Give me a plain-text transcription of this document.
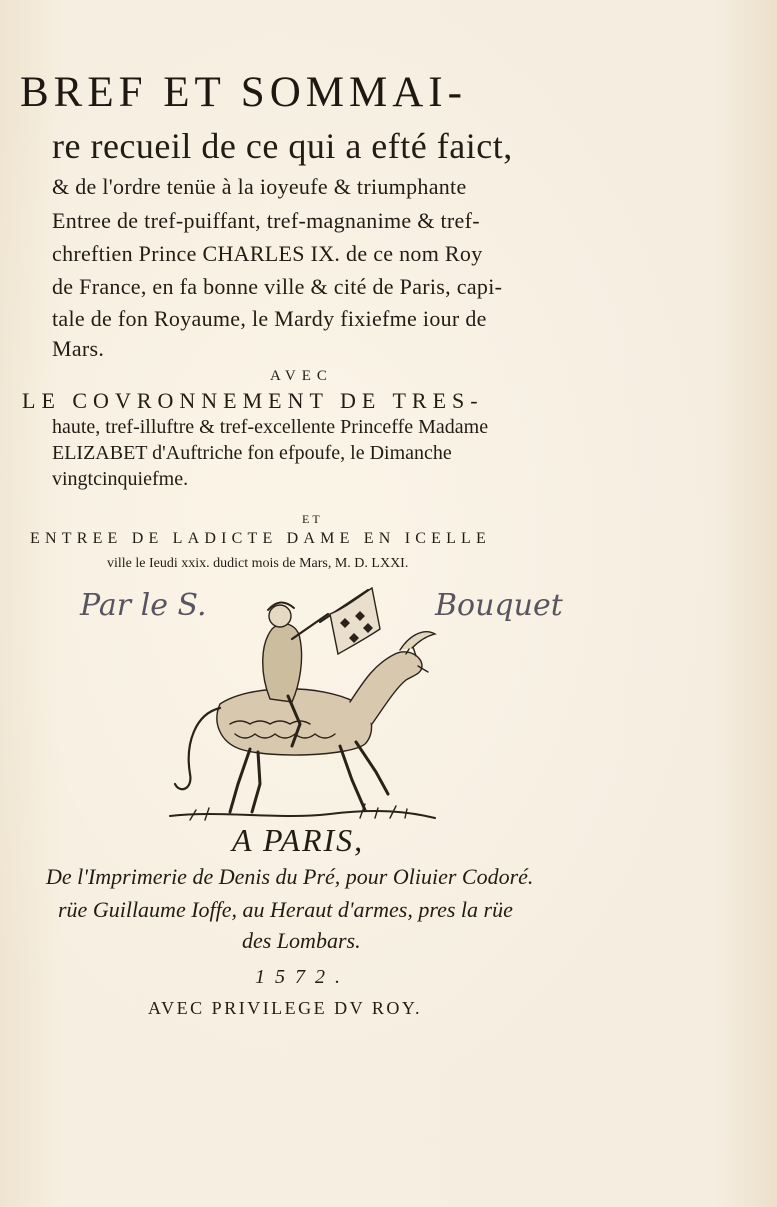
BREF ET SOMMAI-

re recueil de ce qui a efté faict,

& de l'ordre tenüe à la ioyeufe & triumphante

Entree de tref-puiffant, tref-magnanime & tref-

chreftien Prince CHARLES IX. de ce nom Roy

de France, en fa bonne ville & cité de Paris, capi-

tale de fon Royaume, le Mardy fixiefme iour de

Mars.

AVEC

LE COVRONNEMENT DE TRES-

haute, tref-illuftre & tref-excellente Princeffe Madame

ELIZABET d'Auftriche fon efpoufe, le Dimanche

vingtcinquiefme.

ET

ENTREE DE LADICTE DAME EN ICELLE

ville le Ieudi xxix. dudict mois de Mars, M. D. LXXI.

Par le S.	Bouquet

A PARIS,

De l'Imprimerie de Denis du Pré, pour Oliuier Codoré.

rüe Guillaume Ioffe, au Heraut d'armes, pres la rüe

des Lombars.

1572.

AVEC PRIVILEGE DV ROY.
